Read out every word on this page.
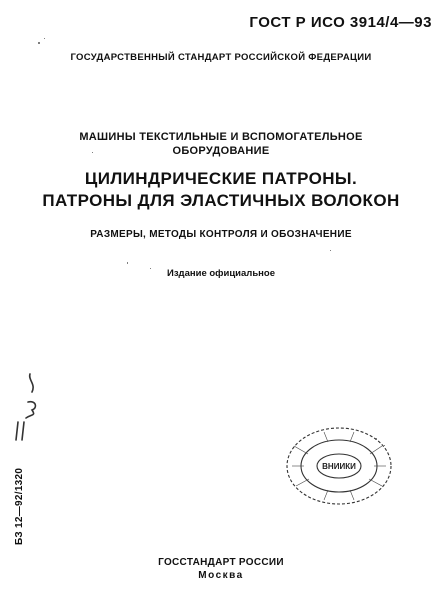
ГОСТ Р ИСО 3914/4—93
ГОСУДАРСТВЕННЫЙ СТАНДАРТ РОССИЙСКОЙ ФЕДЕРАЦИИ
МАШИНЫ ТЕКСТИЛЬНЫЕ И ВСПОМОГАТЕЛЬНОЕ
ОБОРУДОВАНИЕ
ЦИЛИНДРИЧЕСКИЕ ПАТРОНЫ.
ПАТРОНЫ ДЛЯ ЭЛАСТИЧНЫХ ВОЛОКОН
РАЗМЕРЫ, МЕТОДЫ КОНТРОЛЯ И ОБОЗНАЧЕНИЕ
Издание официальное
БЗ 12—92/1320
ВНИИКИ
ГОССТАНДАРТ РОССИИ
Москва
